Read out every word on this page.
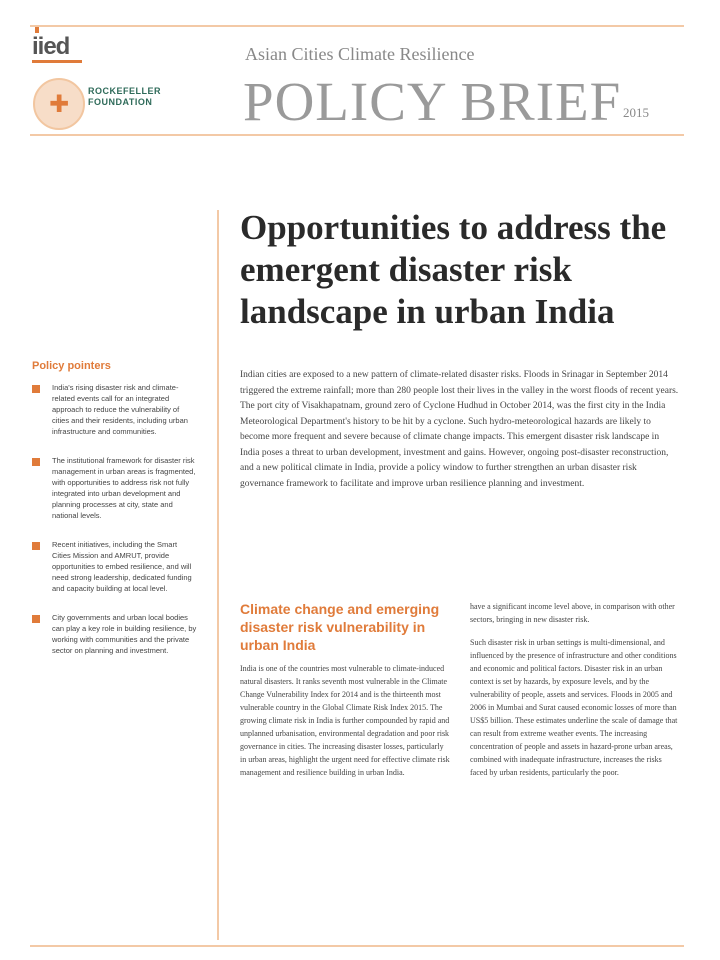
iied
✚ ROCKEFELLER FOUNDATION
Asian Cities Climate Resilience
POLICY BRIEF 2015
Opportunities to address the emergent disaster risk landscape in urban India
Policy pointers
India's rising disaster risk and climate-related events call for an integrated approach to reduce the vulnerability of cities and their residents, including urban infrastructure and communities.
The institutional framework for disaster risk management in urban areas is fragmented, with opportunities to address risk not fully integrated into urban development and planning processes at city, state and national levels.
Recent initiatives, including the Smart Cities Mission and AMRUT, provide opportunities to embed resilience, and will need strong leadership, dedicated funding and capacity building at local level.
City governments and urban local bodies can play a key role in building resilience, by working with communities and the private sector on planning and investment.

Indian cities are exposed to a new pattern of climate-related disaster risks. Floods in Srinagar in September 2014 triggered the extreme rainfall; more than 280 people lost their lives in the valley in the worst floods of recent years. The port city of Visakhapatnam, ground zero of Cyclone Hudhud in October 2014, was the first city in the India Meteorological Department's history to be hit by a cyclone. Such hydro-meteorological hazards are likely to become more frequent and severe because of climate change impacts. This emergent disaster risk landscape in India poses a threat to urban development, investment and gains. However, ongoing post-disaster reconstruction, and a new political climate in India, provide a policy window to further strengthen an urban disaster risk governance framework to facilitate and improve urban resilience planning and investment.

Climate change and emerging disaster risk vulnerability in urban India

India is one of the countries most vulnerable to climate-induced natural disasters. It ranks seventh most vulnerable in the Climate Change Vulnerability Index for 2014 and is the thirteenth most vulnerable country in the Global Climate Risk Index 2015. The growing climate risk in India is further compounded by rapid and unplanned urbanisation, environmental degradation and poor risk governance in cities. The increasing disaster losses, particularly in urban areas, highlight the urgent need for effective climate risk management and resilience building in urban India.

have a significant income level above, in comparison with other sectors, bringing in new disaster risk.

Such disaster risk in urban settings is multi-dimensional, and influenced by the presence of infrastructure and other conditions and economic and political factors. Disaster risk in an urban context is set by hazards, by exposure levels, and by the vulnerability of people, assets and services. Floods in 2005 and 2006 in Mumbai and Surat caused economic losses of more than US$5 billion. These estimates underline the scale of damage that can result from extreme weather events. The increasing concentration of people and assets in hazard-prone urban areas, combined with inadequate infrastructure, increases the risks faced by urban residents, particularly the poor.
